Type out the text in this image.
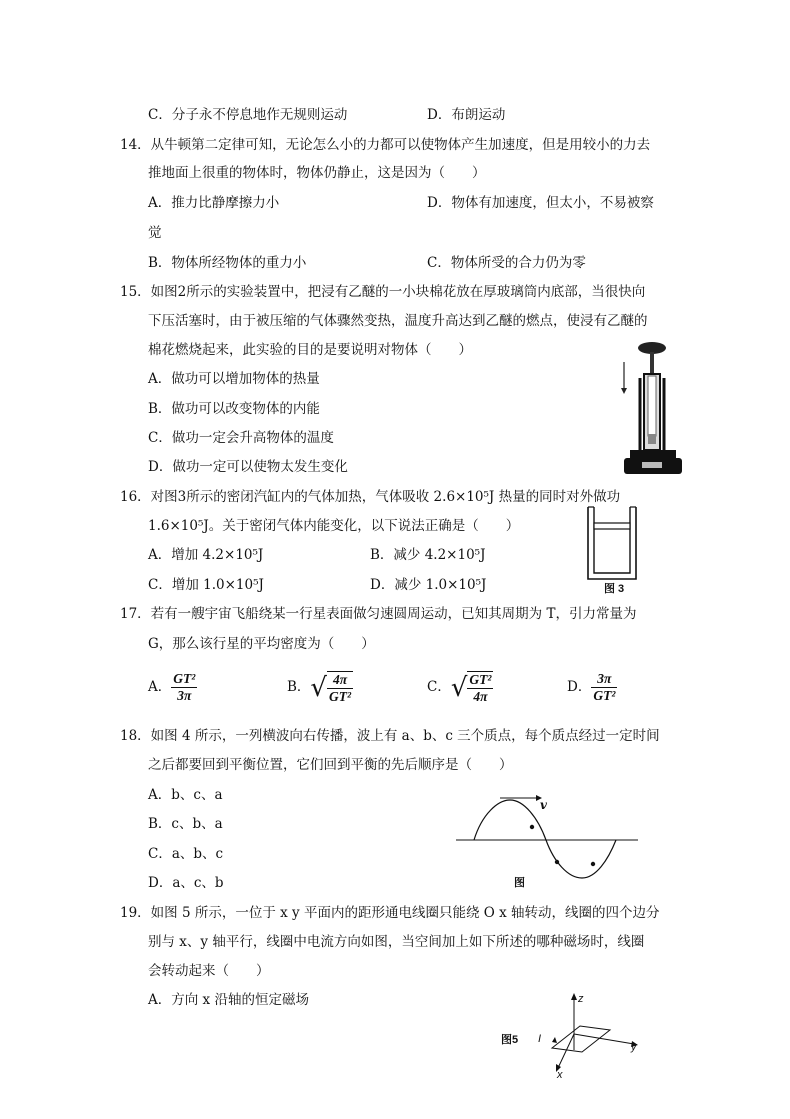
C．分子永不停息地作无规则运动	D．布朗运动
14．从牛顿第二定律可知，无论怎么小的力都可以使物体产生加速度，但是用较小的力去
推地面上很重的物体时，物体仍静止，这是因为（　　）
A．推力比静摩擦力小	D．物体有加速度，但太小，不易被察
觉
B．物体所经物体的重力小	C．物体所受的合力仍为零
15．如图2所示的实验装置中，把浸有乙醚的一小块棉花放在厚玻璃筒内底部，当很快向
下压活塞时，由于被压缩的气体骤然变热，温度升高达到乙醚的燃点，使浸有乙醚的
棉花燃烧起来，此实验的目的是要说明对物体（　　）
A．做功可以增加物体的热量
B．做功可以改变物体的内能
C．做功一定会升高物体的温度
D．做功一定可以使物太发生变化
16．对图3所示的密闭汽缸内的气体加热，气体吸收 2.6×10⁵J 热量的同时对外做功
1.6×10⁵J。关于密闭气体内能变化，以下说法正确是（　　）
A．增加 4.2×10⁵J	B．减少 4.2×10⁵J
C．增加 1.0×10⁵J	D．减少 1.0×10⁵J	图 3
17．若有一艘宇宙飞船绕某一行星表面做匀速圆周运动，已知其周期为 T，引力常量为
G，那么该行星的平均密度为（　　）
A． $\frac{\text{GT²}}{3\pi}$	B．√ $\frac{4\pi}{\text{GT²}}$	C．√ $\frac{\text{GT²}}{4\pi}$	D． $\frac{3\pi}{\text{GT²}}$
18．如图 4 所示，一列横波向右传播，波上有 a、b、c 三个质点，每个质点经过一定时间
之后都要回到平衡位置，它们回到平衡的先后顺序是（　　）
A．b、c、a
B．c、b、a
C．a、b、c
D．a、c、b
v
图
19．如图 5 所示，一位于 x y 平面内的距形通电线圈只能绕 O x 轴转动，线圈的四个边分
别与 x、y 轴平行，线圈中电流方向如图，当空间加上如下所述的哪种磁场时，线圈
会转动起来（　　）
A．方向 x 沿轴的恒定磁场
图5
z
y
x
I
